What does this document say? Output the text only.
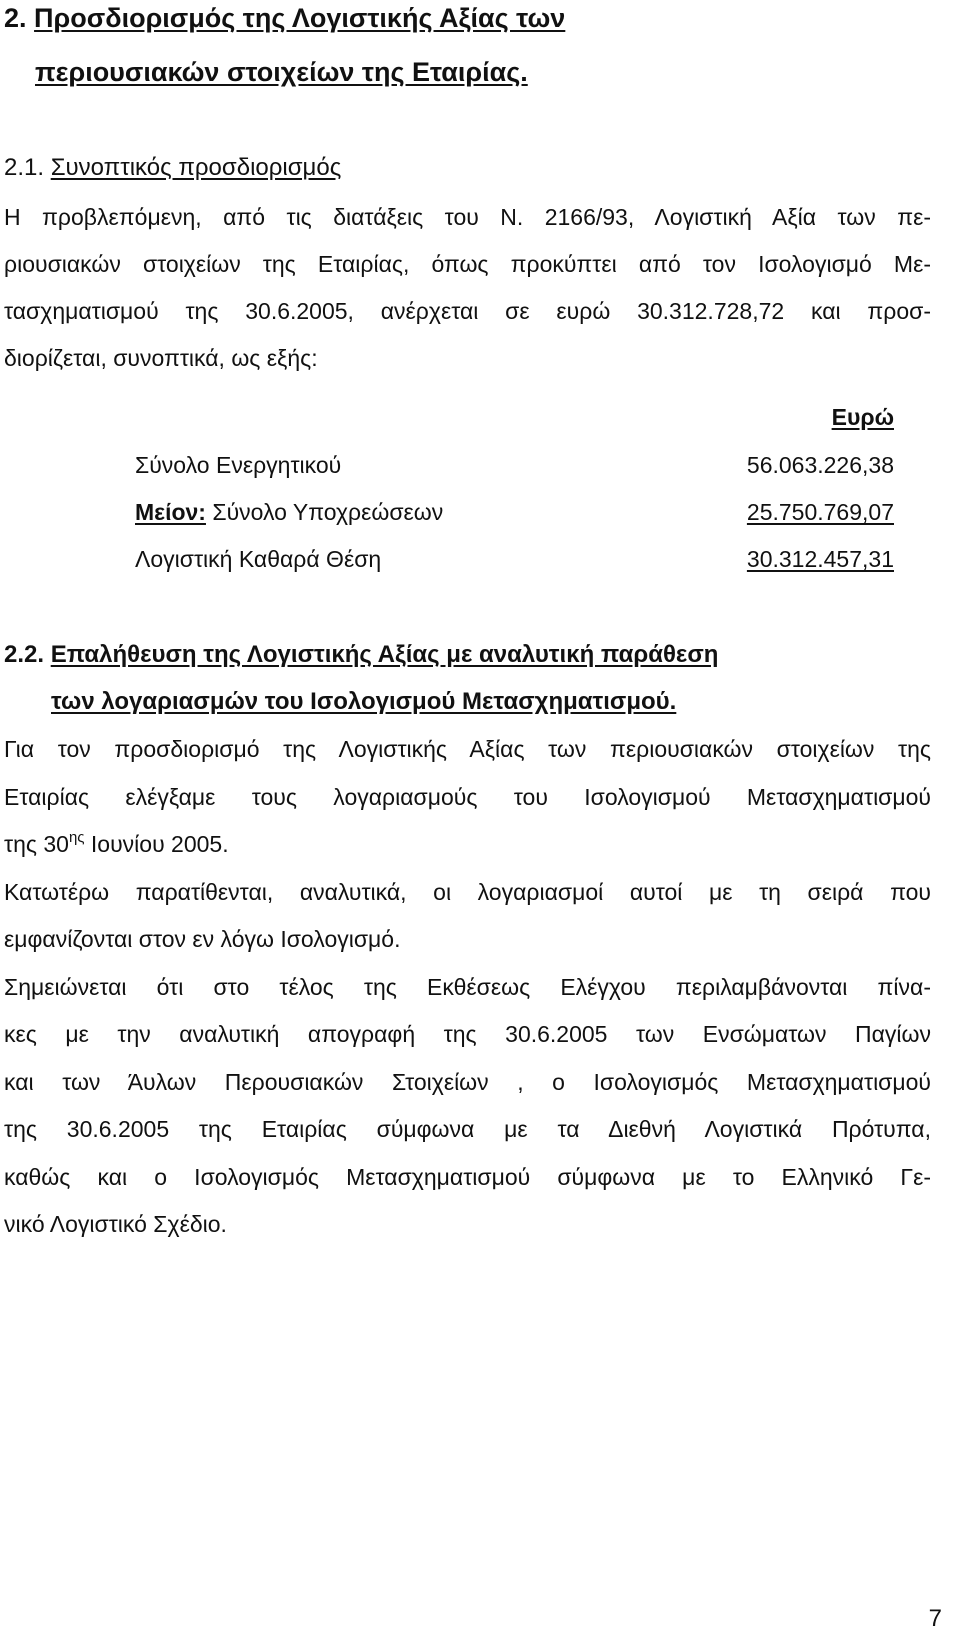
2. Προσδιορισμός της Λογιστικής Αξίας των
περιουσιακών στοιχείων της Εταιρίας.
2.1. Συνοπτικός προσδιορισμός
Η προβλεπόμενη, από τις διατάξεις του Ν. 2166/93, Λογιστική Αξία των πε-
ριουσιακών στοιχείων της Εταιρίας, όπως προκύπτει από τον Ισολογισμό Με-
τασχηματισμού της 30.6.2005, ανέρχεται σε ευρώ 30.312.728,72 και προσ-
διορίζεται, συνοπτικά, ως εξής:
Ευρώ
Σύνολο Ενεργητικού	56.063.226,38
Μείον: Σύνολο Υποχρεώσεων	25.750.769,07
Λογιστική Καθαρά Θέση	30.312.457,31
2.2. Επαλήθευση της Λογιστικής Αξίας με αναλυτική παράθεση
των λογαριασμών του Ισολογισμού Μετασχηματισμού.
Για τον προσδιορισμό της Λογιστικής Αξίας των περιουσιακών στοιχείων της
Εταιρίας ελέγξαμε τους λογαριασμούς του Ισολογισμού Μετασχηματισμού
της $30^{\eta\varsigma}$ Ιουνίου 2005.
Κατωτέρω παρατίθενται, αναλυτικά, οι λογαριασμοί αυτοί με τη σειρά που
εμφανίζονται στον εν λόγω Ισολογισμό.
Σημειώνεται ότι στο τέλος της Εκθέσεως Ελέγχου περιλαμβάνονται πίνα-
κες με την αναλυτική απογραφή της 30.6.2005 των Ενσώματων Παγίων
και των Άυλων Περουσιακών Στοιχείων , ο Ισολογισμός Μετασχηματισμού
της 30.6.2005 της Εταιρίας σύμφωνα με τα Διεθνή Λογιστικά Πρότυπα,
καθώς και ο Ισολογισμός Μετασχηματισμού σύμφωνα με το Ελληνικό Γε-
νικό Λογιστικό Σχέδιο.
7
